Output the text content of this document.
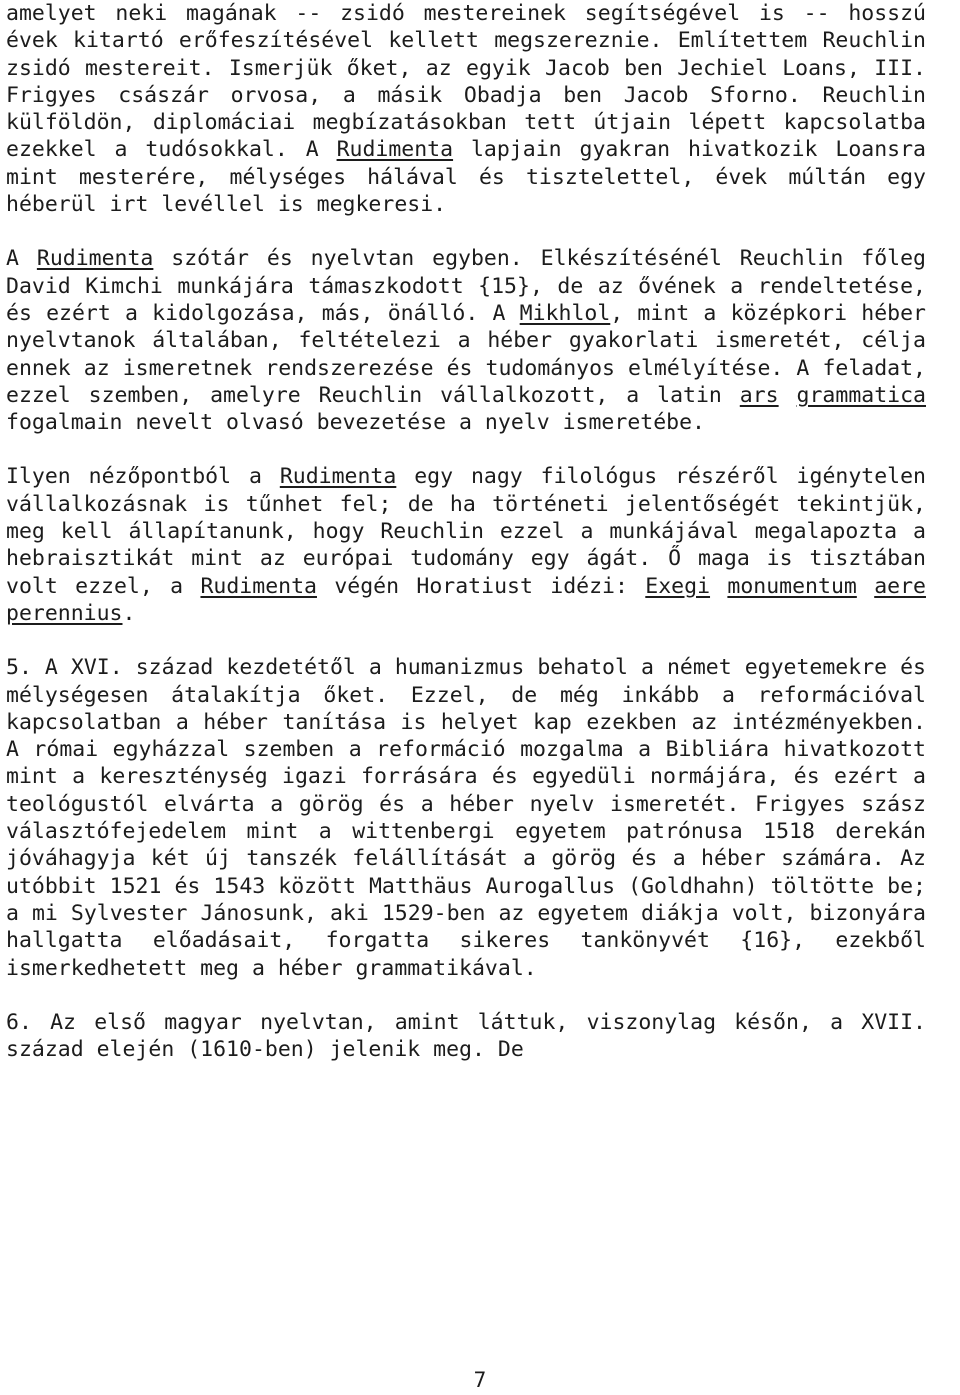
amelyet neki magának -- zsidó mestereinek segítségével is -- hosszú évek kitartó erőfeszítésével kellett megszereznie. Említettem Reuchlin zsidó mestereit. Ismerjük őket, az egyik Jacob ben Jechiel Loans, III. Frigyes császár orvosa, a másik Obadja ben Jacob Sforno. Reuchlin külföldön, diplomáciai megbízatásokban tett útjain lépett kapcsolatba ezekkel a tudósokkal. A Rudimenta lapjain gyakran hivatkozik Loansra mint mesterére, mélységes hálával és tisztelettel, évek múltán egy héberül irt levéllel is megkeresi.

A Rudimenta szótár és nyelvtan egyben. Elkészítésénél Reuchlin főleg David Kimchi munkájára támaszkodott {15}, de az ővének a rendeltetése, és ezért a kidolgozása, más, önálló. A Mikhlol, mint a középkori héber nyelvtanok általában, feltételezi a héber gyakorlati ismeretét, célja ennek az ismeretnek rendszerezése és tudományos elmélyítése. A feladat, ezzel szemben, amelyre Reuchlin vállalkozott, a latin ars grammatica fogalmain nevelt olvasó bevezetése a nyelv ismeretébe.

Ilyen nézőpontból a Rudimenta egy nagy filológus részéről igénytelen vállalkozásnak is tűnhet fel; de ha történeti jelentőségét tekintjük, meg kell állapítanunk, hogy Reuchlin ezzel a munkájával megalapozta a hebraisztikát mint az európai tudomány egy ágát. Ő maga is tisztában volt ezzel, a Rudimenta végén Horatiust idézi: Exegi monumentum aere perennius.

5. A XVI. század kezdetétől a humanizmus behatol a német egyetemekre és mélységesen átalakítja őket. Ezzel, de még inkább a reformációval kapcsolatban a héber tanítása is helyet kap ezekben az intézményekben. A római egyházzal szemben a reformáció mozgalma a Bibliára hivatkozott mint a kereszténység igazi forrására és egyedüli normájára, és ezért a teológustól elvárta a görög és a héber nyelv ismeretét. Frigyes szász választófejedelem mint a wittenbergi egyetem patrónusa 1518 derekán jóváhagyja két új tanszék felállítását a görög és a héber számára. Az utóbbit 1521 és 1543 között Matthäus Aurogallus (Goldhahn) töltötte be; a mi Sylvester Jánosunk, aki 1529-ben az egyetem diákja volt, bizonyára hallgatta előadásait, forgatta sikeres tankönyvét {16}, ezekből ismerkedhetett meg a héber grammatikával.

6. Az első magyar nyelvtan, amint láttuk, viszonylag későn, a XVII. század elején (1610-ben) jelenik meg. De

7
